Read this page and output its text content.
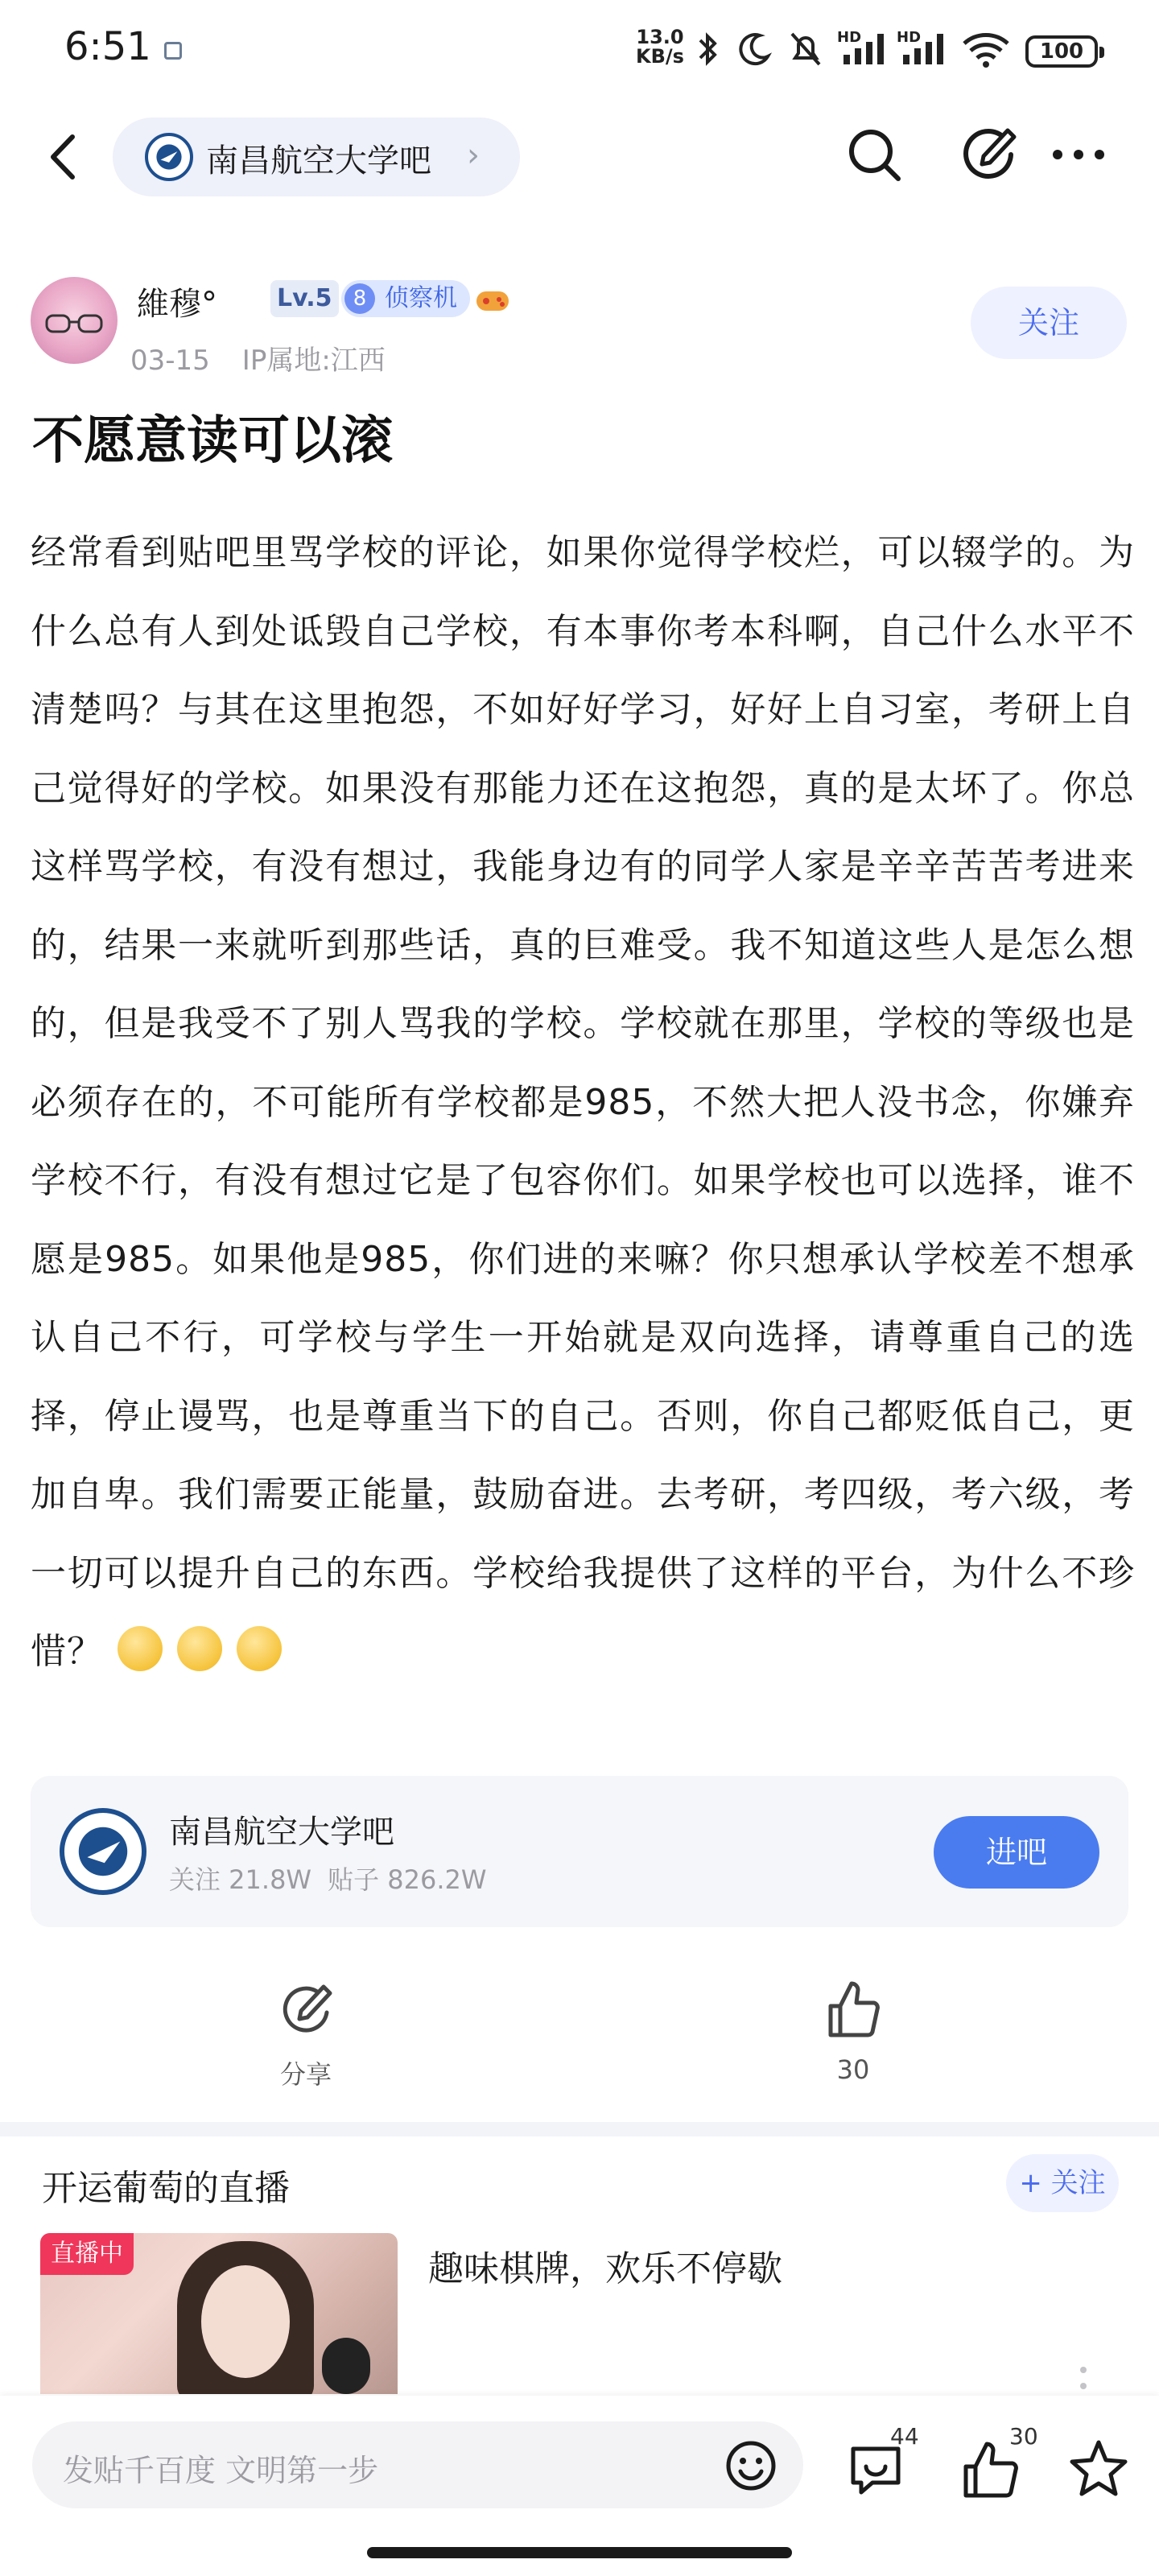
6:51	13.0
KB/s
HD HD
100
南昌航空大学吧 ›
維穆° Lv.5	8 侦察机
03-15 IP属地:江西
关注
不愿意读可以滚
经常看到贴吧里骂学校的评论，如果你觉得学校烂，可以辍学的。为什么总有人到处诋毁自己学校，有本事你考本科啊，自己什么水平不清楚吗？与其在这里抱怨，不如好好学习，好好上自习室，考研上自己觉得好的学校。如果没有那能力还在这抱怨，真的是太坏了。你总这样骂学校，有没有想过，我能身边有的同学人家是辛辛苦苦考进来的，结果一来就听到那些话，真的巨难受。我不知道这些人是怎么想的，但是我受不了别人骂我的学校。学校就在那里，学校的等级也是必须存在的，不可能所有学校都是985，不然大把人没书念，你嫌弃学校不行，有没有想过它是了包容你们。如果学校也可以选择，谁不愿是985。如果他是985，你们进的来嘛？你只想承认学校差不想承认自己不行，可学校与学生一开始就是双向选择，请尊重自己的选择，停止谩骂，也是尊重当下的自己。否则，你自己都贬低自己，更加自卑。我们需要正能量，鼓励奋进。去考研，考四级，考六级，考一切可以提升自己的东西。学校给我提供了这样的平台，为什么不珍惜？
南昌航空大学吧
关注 21.8W 贴子 826.2W
进吧
分享	30
开运葡萄的直播	+ 关注
直播中	趣味棋牌，欢乐不停歇
发贴千百度 文明第一步
44	30
